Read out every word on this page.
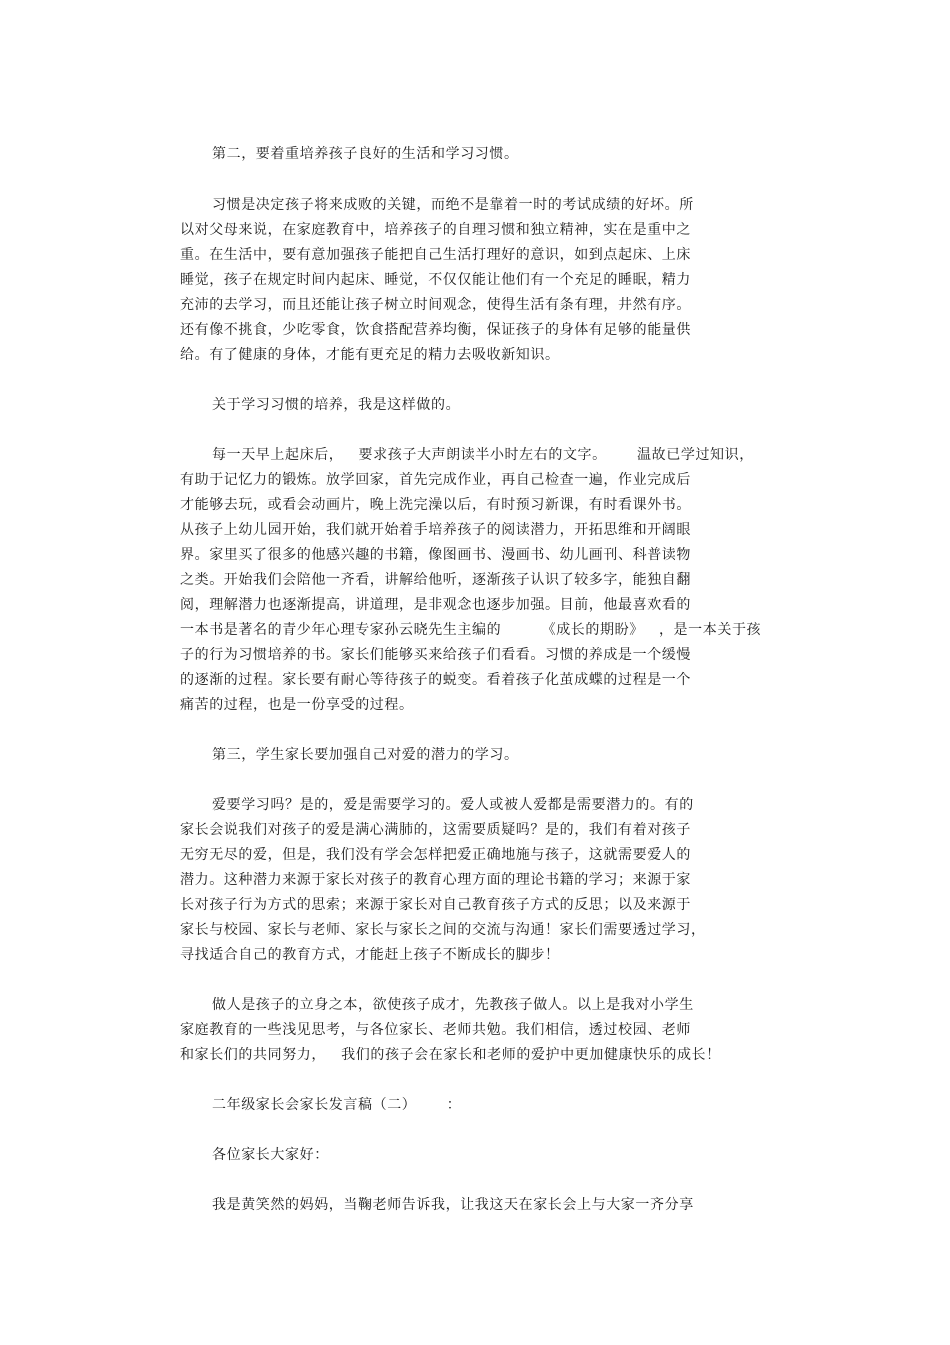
第二，要着重培养孩子良好的生活和学习习惯。
习惯是决定孩子将来成败的关键，而绝不是靠着一时的考试成绩的好坏。所
以对父母来说，在家庭教育中，培养孩子的自理习惯和独立精神，实在是重中之
重。在生活中，要有意加强孩子能把自己生活打理好的意识，如到点起床、上床
睡觉，孩子在规定时间内起床、睡觉，不仅仅能让他们有一个充足的睡眠，精力
充沛的去学习，而且还能让孩子树立时间观念，使得生活有条有理，井然有序。
还有像不挑食，少吃零食，饮食搭配营养均衡，保证孩子的身体有足够的能量供
给。有了健康的身体，才能有更充足的精力去吸收新知识。
关于学习习惯的培养，我是这样做的。
每一天早上起床后，   要求孩子大声朗读半小时左右的文字。      温故已学过知识，
有助于记忆力的锻炼。放学回家，首先完成作业，再自己检查一遍，作业完成后
才能够去玩，或看会动画片，晚上洗完澡以后，有时预习新课，有时看课外书。
从孩子上幼儿园开始，我们就开始着手培养孩子的阅读潜力，开拓思维和开阔眼
界。家里买了很多的他感兴趣的书籍，像图画书、漫画书、幼儿画刊、科普读物
之类。开始我们会陪他一齐看，讲解给他听，逐渐孩子认识了较多字，能独自翻
阅，理解潜力也逐渐提高，讲道理，是非观念也逐步加强。目前，他最喜欢看的
一本书是著名的青少年心理专家孙云晓先生主编的        《成长的期盼》   ，是一本关于孩
子的行为习惯培养的书。家长们能够买来给孩子们看看。习惯的养成是一个缓慢
的逐渐的过程。家长要有耐心等待孩子的蜕变。看着孩子化茧成蝶的过程是一个
痛苦的过程，也是一份享受的过程。
第三，学生家长要加强自己对爱的潜力的学习。
爱要学习吗？是的，爱是需要学习的。爱人或被人爱都是需要潜力的。有的
家长会说我们对孩子的爱是满心满肺的，这需要质疑吗？是的，我们有着对孩子
无穷无尽的爱，但是，我们没有学会怎样把爱正确地施与孩子，这就需要爱人的
潜力。这种潜力来源于家长对孩子的教育心理方面的理论书籍的学习；来源于家
长对孩子行为方式的思索；来源于家长对自己教育孩子方式的反思；以及来源于
家长与校园、家长与老师、家长与家长之间的交流与沟通！家长们需要透过学习，
寻找适合自己的教育方式，才能赶上孩子不断成长的脚步！
做人是孩子的立身之本，欲使孩子成才，先教孩子做人。以上是我对小学生
家庭教育的一些浅见思考，与各位家长、老师共勉。我们相信，透过校园、老师
和家长们的共同努力，   我们的孩子会在家长和老师的爱护中更加健康快乐的成长！
二年级家长会家长发言稿（二）      ：
各位家长大家好：
我是黄笑然的妈妈，当鞠老师告诉我，让我这天在家长会上与大家一齐分享
